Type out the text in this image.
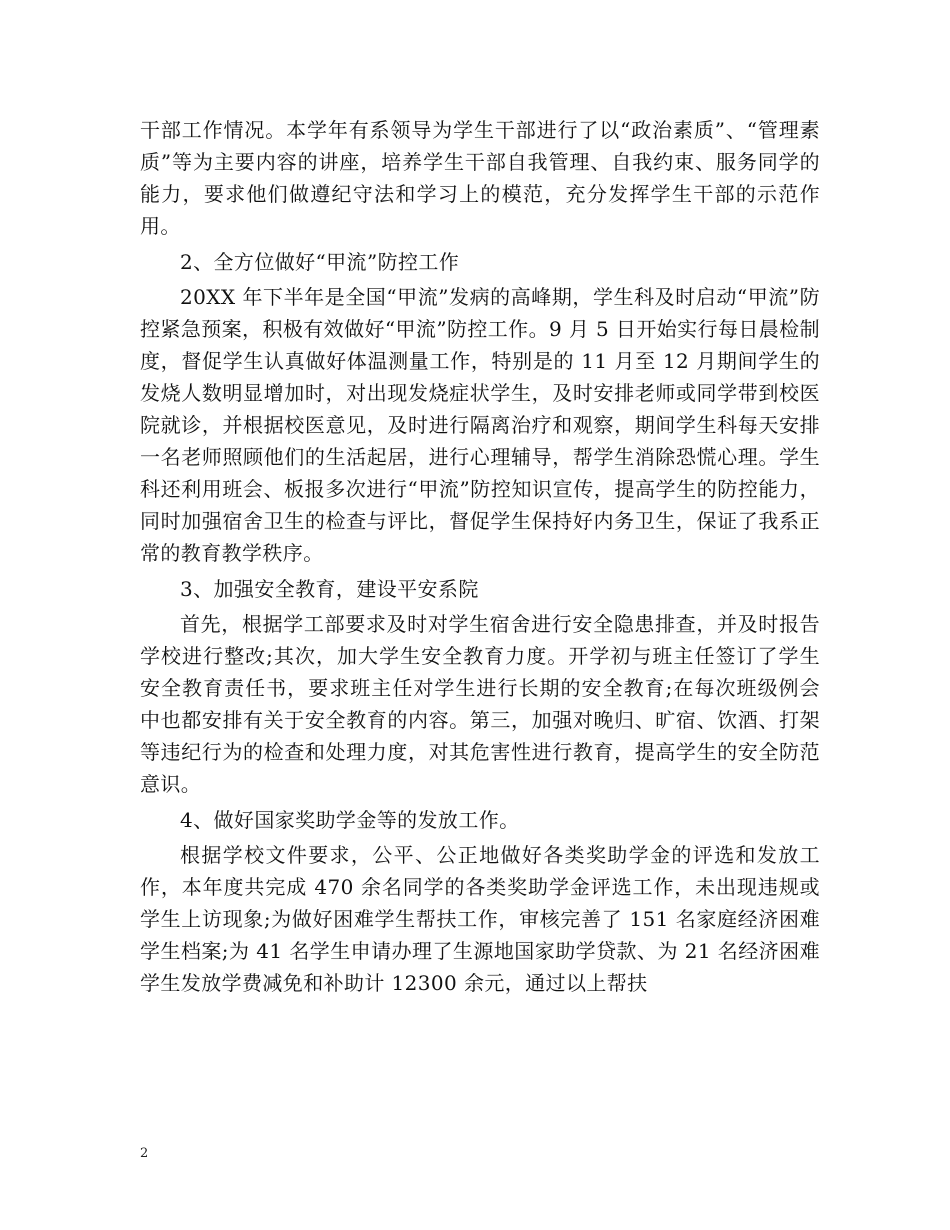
干部工作情况。本学年有系领导为学生干部进行了以“政治素质”、“管理素质”等为主要内容的讲座，培养学生干部自我管理、自我约束、服务同学的能力，要求他们做遵纪守法和学习上的模范，充分发挥学生干部的示范作用。

2、全方位做好“甲流”防控工作

20XX 年下半年是全国“甲流”发病的高峰期，学生科及时启动“甲流”防控紧急预案，积极有效做好“甲流”防控工作。9 月 5 日开始实行每日晨检制度，督促学生认真做好体温测量工作，特别是的 11 月至 12 月期间学生的发烧人数明显增加时，对出现发烧症状学生，及时安排老师或同学带到校医院就诊，并根据校医意见，及时进行隔离治疗和观察，期间学生科每天安排一名老师照顾他们的生活起居，进行心理辅导，帮学生消除恐慌心理。学生科还利用班会、板报多次进行“甲流”防控知识宣传，提高学生的防控能力，同时加强宿舍卫生的检查与评比，督促学生保持好内务卫生，保证了我系正常的教育教学秩序。

3、加强安全教育，建设平安系院

首先，根据学工部要求及时对学生宿舍进行安全隐患排查，并及时报告学校进行整改;其次，加大学生安全教育力度。开学初与班主任签订了学生安全教育责任书，要求班主任对学生进行长期的安全教育;在每次班级例会中也都安排有关于安全教育的内容。第三，加强对晚归、旷宿、饮酒、打架等违纪行为的检查和处理力度，对其危害性进行教育，提高学生的安全防范意识。

4、做好国家奖助学金等的发放工作。

根据学校文件要求，公平、公正地做好各类奖助学金的评选和发放工作，本年度共完成 470 余名同学的各类奖助学金评选工作，未出现违规或学生上访现象;为做好困难学生帮扶工作，审核完善了 151 名家庭经济困难学生档案;为 41 名学生申请办理了生源地国家助学贷款、为 21 名经济困难学生发放学费减免和补助计 12300 余元，通过以上帮扶

2
